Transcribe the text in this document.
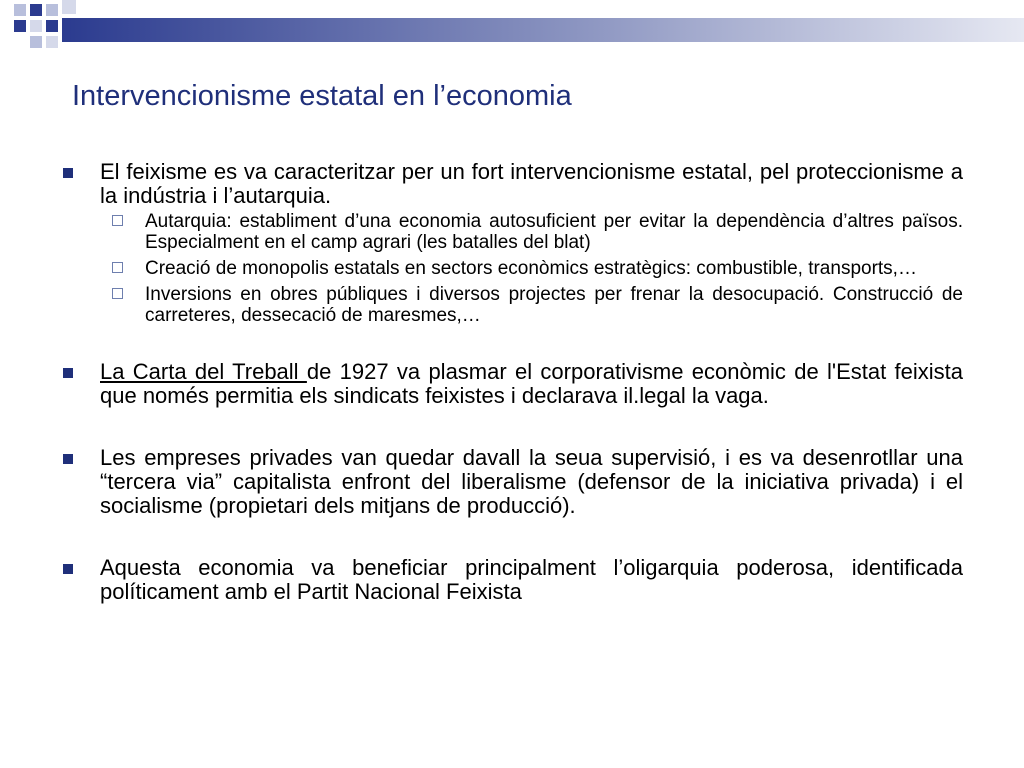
Intervencionisme estatal en l’economia
El feixisme es va caracteritzar per un fort intervencionisme estatal, pel proteccionisme a la indústria i l’autarquia.
Autarquia: establiment d’una economia autosuficient per evitar la dependència d’altres països. Especialment en el camp agrari (les batalles del blat)
Creació de monopolis estatals en sectors econòmics estratègics: combustible, transports,…
Inversions en obres públiques i diversos projectes per frenar la desocupació. Construcció de carreteres, dessecació de maresmes,…
La Carta del Treball de 1927 va plasmar el corporativisme econòmic de l'Estat feixista que només permitia els sindicats feixistes i declarava il.legal la vaga.
Les empreses privades van quedar davall la seua supervisió, i es va desenrotllar una “tercera via” capitalista enfront del liberalisme (defensor de la iniciativa privada) i el socialisme (propietari dels mitjans de producció).
Aquesta economia va beneficiar principalment l’oligarquia poderosa, identificada políticament amb el Partit Nacional Feixista
